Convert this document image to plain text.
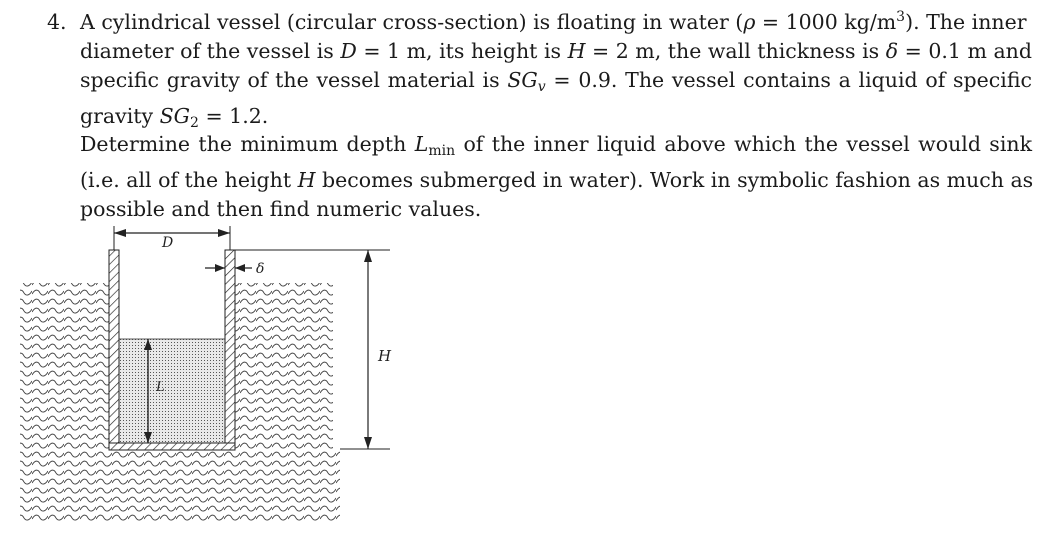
4. A cylindrical vessel (circular cross-section) is floating in water (ρ = 1000 $kg/m^3$). The inner
diameter of the vessel is D = 1 m, its height is H = 2 m, the wall thickness is δ = 0.1 m and
specific gravity of the vessel material is $SG_v = 0.9$. The vessel contains a liquid of specific
gravity $SG_2 = 1.2$.
Determine the minimum depth $L_{min}$ of the inner liquid above which the vessel would sink
(i.e. all of the height H becomes submerged in water). Work in symbolic fashion as much as
possible and then find numeric values.
D
δ
H
L
